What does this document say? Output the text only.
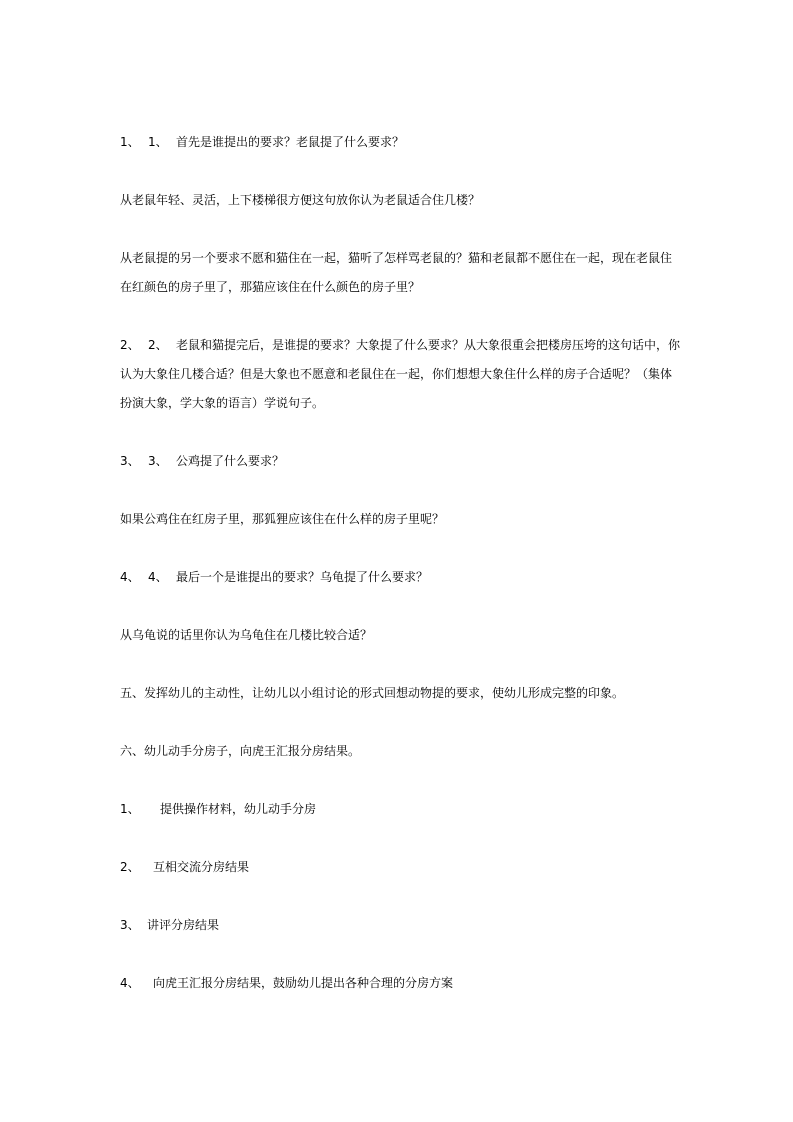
1、 1、 首先是谁提出的要求？老鼠提了什么要求？

从老鼠年轻、灵活，上下楼梯很方便这句放你认为老鼠适合住几楼？

从老鼠提的另一个要求不愿和猫住在一起，猫听了怎样骂老鼠的？猫和老鼠都不愿住在一起，现在老鼠住在红颜色的房子里了，那猫应该住在什么颜色的房子里？

2、 2、 老鼠和猫提完后，是谁提的要求？大象提了什么要求？从大象很重会把楼房压垮的这句话中，你认为大象住几楼合适？但是大象也不愿意和老鼠住在一起，你们想想大象住什么样的房子合适呢？（集体扮演大象，学大象的语言）学说句子。

3、 3、 公鸡提了什么要求？

如果公鸡住在红房子里，那狐狸应该住在什么样的房子里呢？

4、 4、 最后一个是谁提出的要求？乌龟提了什么要求？

从乌龟说的话里你认为乌龟住在几楼比较合适？

五、发挥幼儿的主动性，让幼儿以小组讨论的形式回想动物提的要求，使幼儿形成完整的印象。

六、幼儿动手分房子，向虎王汇报分房结果。

1、 提供操作材料，幼儿动手分房

2、 互相交流分房结果

3、 讲评分房结果

4、 向虎王汇报分房结果，鼓励幼儿提出各种合理的分房方案
